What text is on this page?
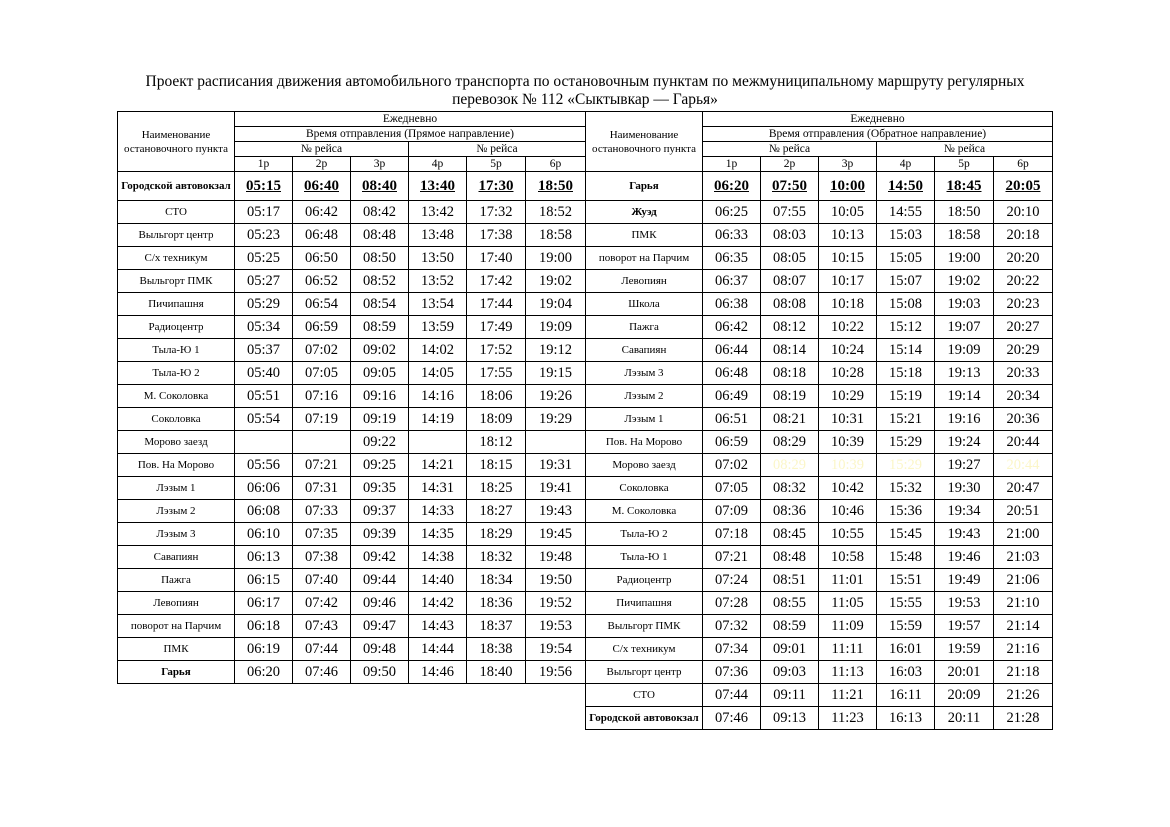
Проект расписания движения автомобильного транспорта по остановочным пунктам по межмуниципальному маршруту регулярных
перевозок № 112 «Сыктывкар — Гарья»
Наименование остановочного пункта	Ежедневно					
	Время отправления (Прямое направление)					
	№ рейса			№ рейса		
	1р	2р	3р	4р	5р	6р
Городской автовокзал	05:15	06:40	08:40	13:40	17:30	18:50
СТО	05:17	06:42	08:42	13:42	17:32	18:52
Выльгорт центр	05:23	06:48	08:48	13:48	17:38	18:58
С/х техникум	05:25	06:50	08:50	13:50	17:40	19:00
Выльгорт ПМК	05:27	06:52	08:52	13:52	17:42	19:02
Пичипашня	05:29	06:54	08:54	13:54	17:44	19:04
Радиоцентр	05:34	06:59	08:59	13:59	17:49	19:09
Тыла-Ю 1	05:37	07:02	09:02	14:02	17:52	19:12
Тыла-Ю 2	05:40	07:05	09:05	14:05	17:55	19:15
М. Соколовка	05:51	07:16	09:16	14:16	18:06	19:26
Соколовка	05:54	07:19	09:19	14:19	18:09	19:29
Морово заезд			09:22		18:12	
Пов. На Морово	05:56	07:21	09:25	14:21	18:15	19:31
Лэзым 1	06:06	07:31	09:35	14:31	18:25	19:41
Лэзым 2	06:08	07:33	09:37	14:33	18:27	19:43
Лэзым 3	06:10	07:35	09:39	14:35	18:29	19:45
Савапиян	06:13	07:38	09:42	14:38	18:32	19:48
Пажга	06:15	07:40	09:44	14:40	18:34	19:50
Левопиян	06:17	07:42	09:46	14:42	18:36	19:52
поворот на Парчим	06:18	07:43	09:47	14:43	18:37	19:53
ПМК	06:19	07:44	09:48	14:44	18:38	19:54
Гарья	06:20	07:46	09:50	14:46	18:40	19:56
Наименование остановочного пункта	Ежедневно					
	Время отправления (Обратное направление)					
	№ рейса			№ рейса		
	1р	2р	3р	4р	5р	6р
Гарья	06:20	07:50	10:00	14:50	18:45	20:05
Жуэд	06:25	07:55	10:05	14:55	18:50	20:10
ПМК	06:33	08:03	10:13	15:03	18:58	20:18
поворот на Парчим	06:35	08:05	10:15	15:05	19:00	20:20
Левопиян	06:37	08:07	10:17	15:07	19:02	20:22
Школа	06:38	08:08	10:18	15:08	19:03	20:23
Пажга	06:42	08:12	10:22	15:12	19:07	20:27
Савапиян	06:44	08:14	10:24	15:14	19:09	20:29
Лэзым 3	06:48	08:18	10:28	15:18	19:13	20:33
Лэзым 2	06:49	08:19	10:29	15:19	19:14	20:34
Лэзым 1	06:51	08:21	10:31	15:21	19:16	20:36
Пов. На Морово	06:59	08:29	10:39	15:29	19:24	20:44
Морово заезд	07:02	08:29	10:39	15:29	19:27	20:44
Соколовка	07:05	08:32	10:42	15:32	19:30	20:47
М. Соколовка	07:09	08:36	10:46	15:36	19:34	20:51
Тыла-Ю 2	07:18	08:45	10:55	15:45	19:43	21:00
Тыла-Ю 1	07:21	08:48	10:58	15:48	19:46	21:03
Радиоцентр	07:24	08:51	11:01	15:51	19:49	21:06
Пичипашня	07:28	08:55	11:05	15:55	19:53	21:10
Выльгорт ПМК	07:32	08:59	11:09	15:59	19:57	21:14
С/х техникум	07:34	09:01	11:11	16:01	19:59	21:16
Выльгорт центр	07:36	09:03	11:13	16:03	20:01	21:18
СТО	07:44	09:11	11:21	16:11	20:09	21:26
Городской автовокзал	07:46	09:13	11:23	16:13	20:11	21:28
